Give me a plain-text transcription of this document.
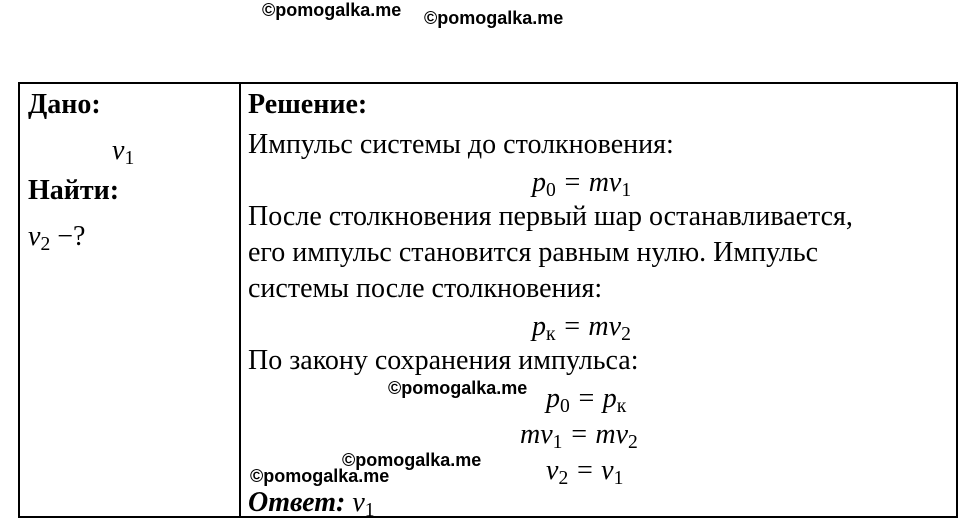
©pomogalka.me ©pomogalka.me
Дано:
$v_1$
Найти:
$v_2$ −?
Решение:
Импульс системы до столкновения:
$p_0 = mv_1$
После столкновения первый шар останавливается,
его импульс становится равным нулю. Импульс
системы после столкновения:
$p_к = mv_2$
По закону сохранения импульса:
$p_0 = p_к$
$mv_1 = mv_2$
$v_2 = v_1$
Ответ: $v_1$
©pomogalka.me
©pomogalka.me
©pomogalka.me
